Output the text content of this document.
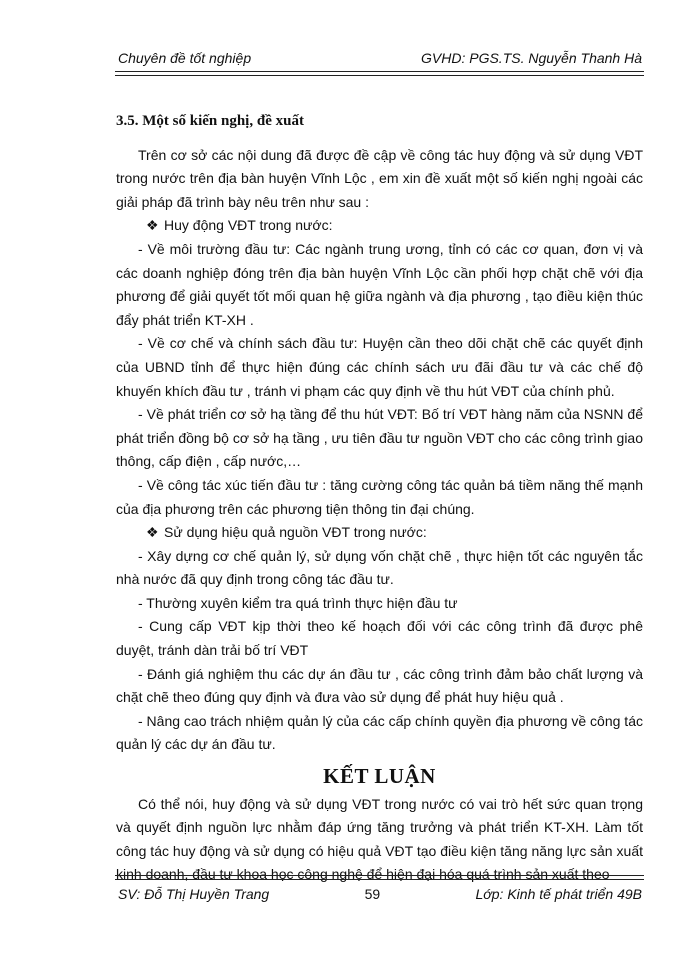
Chuyên đề tốt nghiệp	GVHD: PGS.TS. Nguyễn Thanh Hà

3.5. Một số kiến nghị, đề xuất

Trên cơ sở các nội dung đã được đề cập về công tác huy động và sử dụng VĐT trong nước trên địa bàn huyện Vĩnh Lộc , em xin đề xuất một số kiến nghị ngoài các giải pháp đã trình bày nêu trên như sau :

❖ Huy động VĐT trong nước:

- Về môi trường đầu tư: Các ngành trung ương, tỉnh có các cơ quan, đơn vị và các doanh nghiệp đóng trên địa bàn huyện Vĩnh Lộc cần phối hợp chặt chẽ với địa phương để giải quyết tốt mối quan hệ giữa ngành và địa phương , tạo điều kiện thúc đẩy phát triển KT-XH .

- Về cơ chế và chính sách đầu tư: Huyện cần theo dõi chặt chẽ các quyết định của UBND tỉnh để thực hiện đúng các chính sách ưu đãi đầu tư và các chế độ khuyến khích đầu tư , tránh vi phạm các quy định về thu hút VĐT của chính phủ.

- Về phát triển cơ sở hạ tầng để thu hút VĐT: Bố trí VĐT hàng năm của NSNN để phát triển đồng bộ cơ sở hạ tầng , ưu tiên đầu tư nguồn VĐT cho các công trình giao thông, cấp điện , cấp nước,…

- Về công tác xúc tiến đầu tư : tăng cường công tác quản bá tiềm năng thế mạnh của địa phương trên các phương tiện thông tin đại chúng.

❖ Sử dụng hiệu quả nguồn VĐT trong nước:

- Xây dựng cơ chế quản lý, sử dụng vốn chặt chẽ , thực hiện tốt các nguyên tắc nhà nước đã quy định trong công tác đầu tư.

- Thường xuyên kiểm tra quá trình thực hiện đầu tư

- Cung cấp VĐT kịp thời theo kế hoạch đối với các công trình đã được phê duyệt, tránh dàn trải bố trí VĐT

- Đánh giá nghiệm thu các dự án đầu tư , các công trình đảm bảo chất lượng và chặt chẽ theo đúng quy định và đưa vào sử dụng để phát huy hiệu quả .

- Nâng cao trách nhiệm quản lý của các cấp chính quyền địa phương về công tác quản lý các dự án đầu tư.

KẾT LUẬN

Có thể nói, huy động và sử dụng VĐT trong nước có vai trò hết sức quan trọng và quyết định nguồn lực nhằm đáp ứng tăng trưởng và phát triển KT-XH. Làm tốt công tác huy động và sử dụng có hiệu quả VĐT tạo điều kiện tăng năng lực sản xuất kinh doanh, đầu tư khoa học công nghệ để hiện đại hóa quá trình sản xuất theo

SV: Đỗ Thị Huyền Trang	59	Lớp: Kinh tế phát triển 49B
